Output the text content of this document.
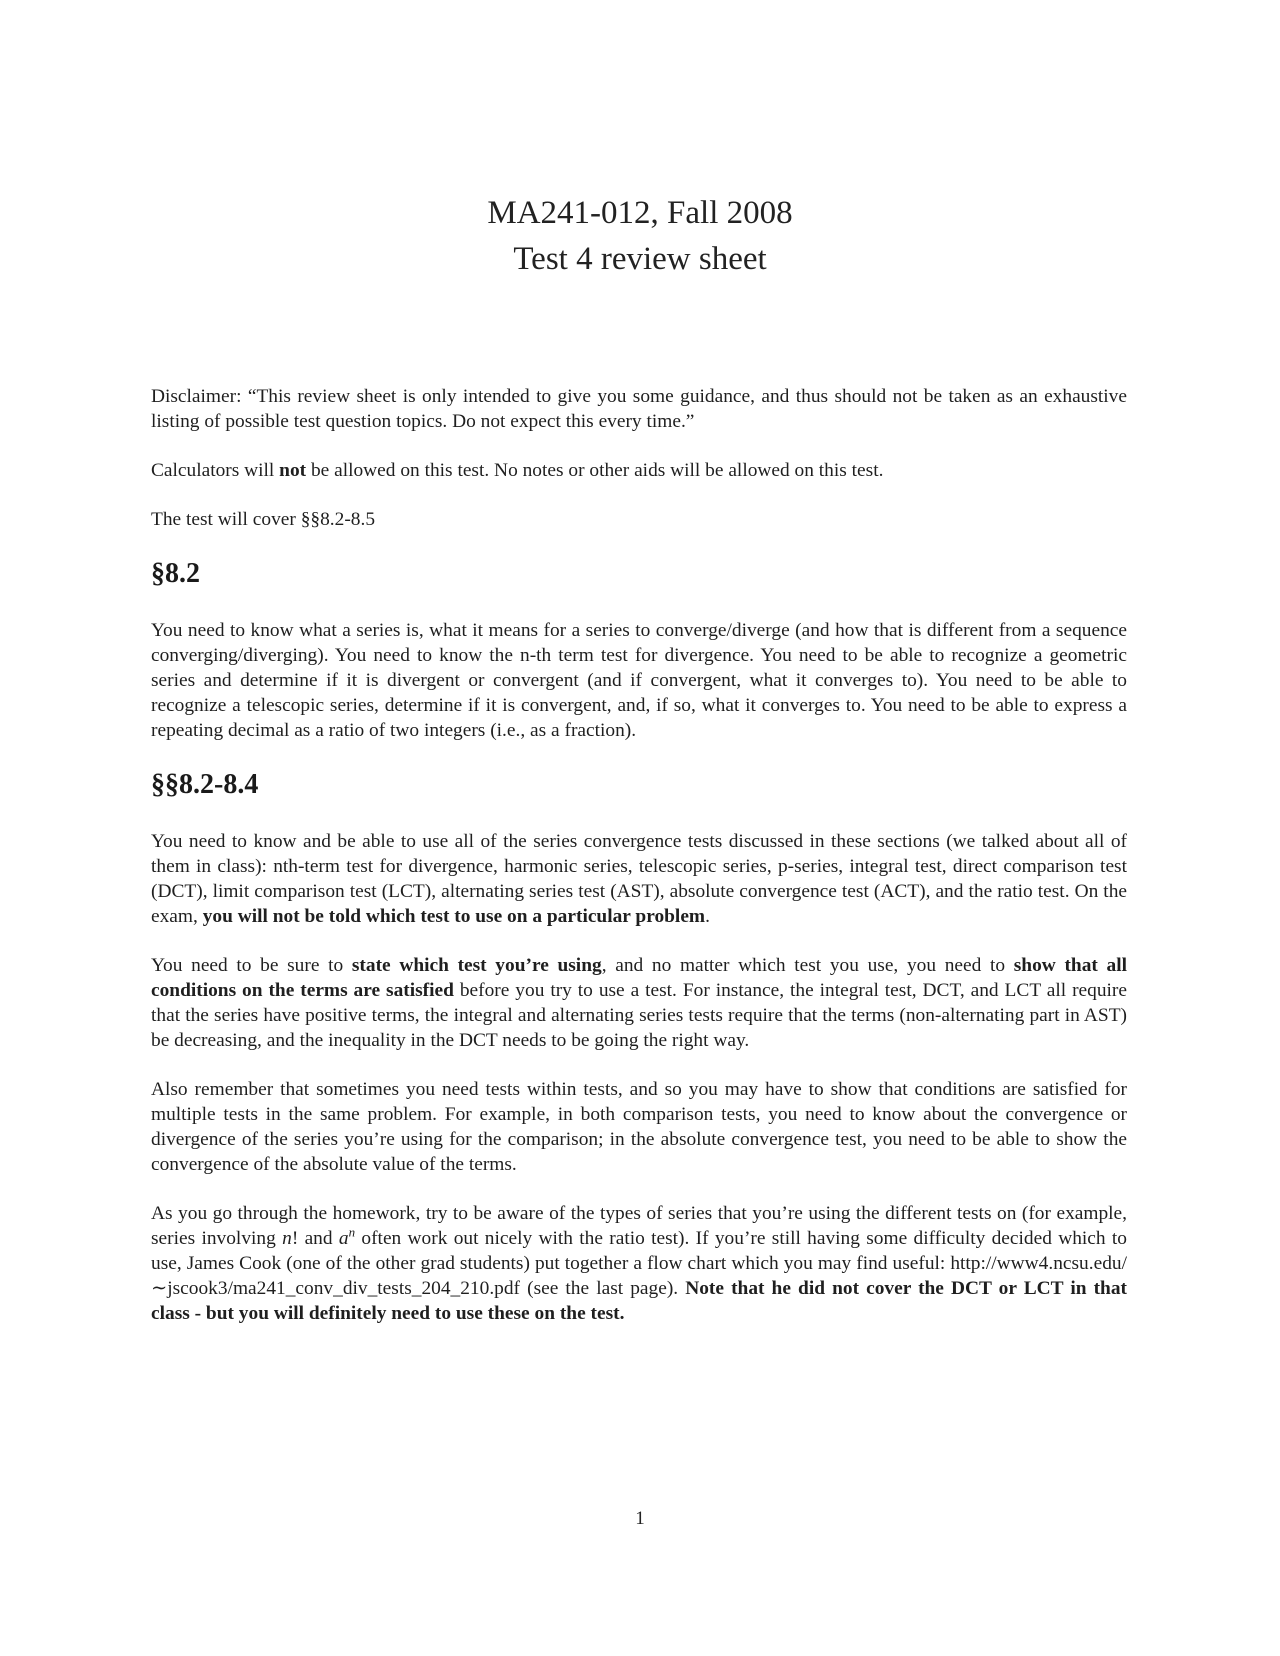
MA241-012, Fall 2008
Test 4 review sheet

Disclaimer: “This review sheet is only intended to give you some guidance, and thus should not be taken as an exhaustive listing of possible test question topics. Do not expect this every time.”

Calculators will not be allowed on this test. No notes or other aids will be allowed on this test.

The test will cover §§8.2-8.5

§8.2

You need to know what a series is, what it means for a series to converge/diverge (and how that is different from a sequence converging/diverging). You need to know the n-th term test for divergence. You need to be able to recognize a geometric series and determine if it is divergent or convergent (and if convergent, what it converges to). You need to be able to recognize a telescopic series, determine if it is convergent, and, if so, what it converges to. You need to be able to express a repeating decimal as a ratio of two integers (i.e., as a fraction).

§§8.2-8.4

You need to know and be able to use all of the series convergence tests discussed in these sections (we talked about all of them in class): nth-term test for divergence, harmonic series, telescopic series, p-series, integral test, direct comparison test (DCT), limit comparison test (LCT), alternating series test (AST), absolute convergence test (ACT), and the ratio test. On the exam, you will not be told which test to use on a particular problem.

You need to be sure to state which test you’re using, and no matter which test you use, you need to show that all conditions on the terms are satisfied before you try to use a test. For instance, the integral test, DCT, and LCT all require that the series have positive terms, the integral and alternating series tests require that the terms (non-alternating part in AST) be decreasing, and the inequality in the DCT needs to be going the right way.

Also remember that sometimes you need tests within tests, and so you may have to show that conditions are satisfied for multiple tests in the same problem. For example, in both comparison tests, you need to know about the convergence or divergence of the series you’re using for the comparison; in the absolute convergence test, you need to be able to show the convergence of the absolute value of the terms.

As you go through the homework, try to be aware of the types of series that you’re using the different tests on (for example, series involving n! and $a^n$ often work out nicely with the ratio test). If you’re still having some difficulty decided which to use, James Cook (one of the other grad students) put together a flow chart which you may find useful: http://www4.ncsu.edu/∼jscook3/ma241_conv_div_tests_204_210.pdf (see the last page). Note that he did not cover the DCT or LCT in that class - but you will definitely need to use these on the test.

1
